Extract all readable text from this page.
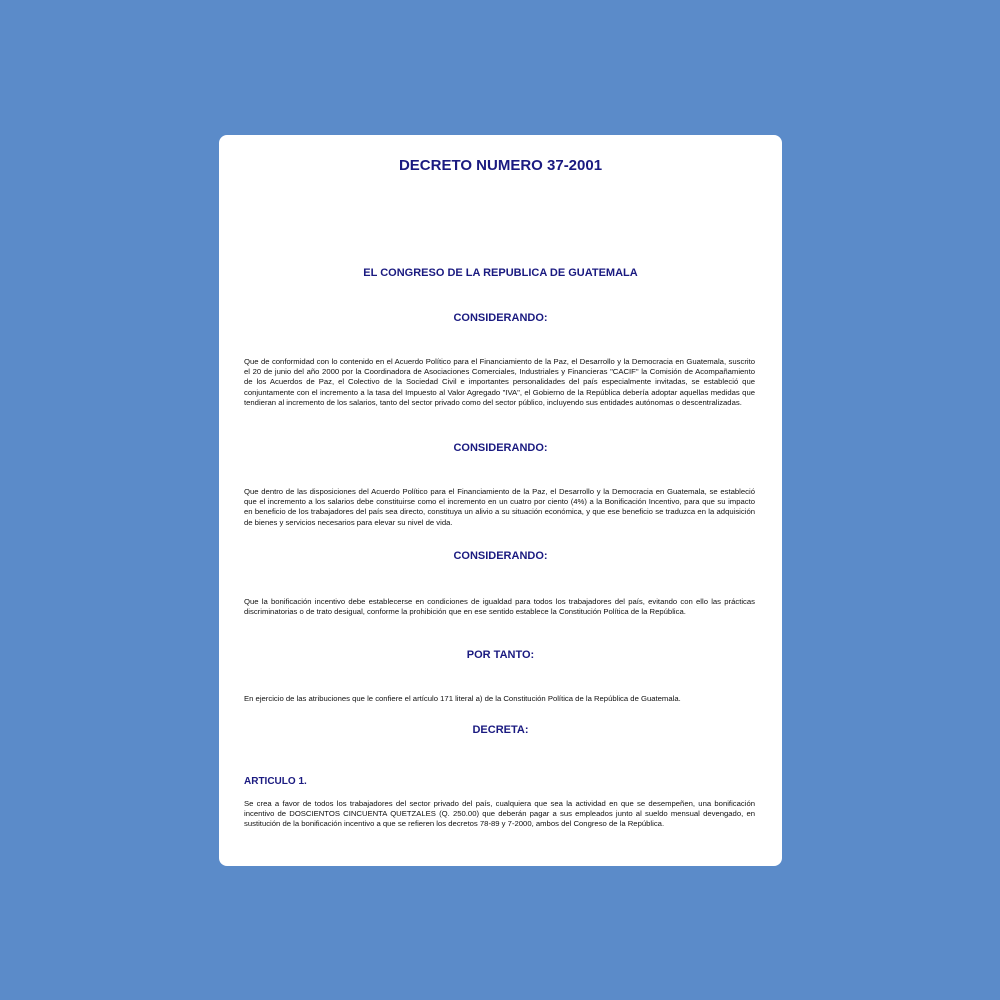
DECRETO NUMERO 37-2001
EL CONGRESO DE LA REPUBLICA DE GUATEMALA
CONSIDERANDO:
Que de conformidad con lo contenido en el Acuerdo Político para el Financiamiento de la Paz, el Desarrollo y la Democracia en Guatemala, suscrito el 20 de junio del año 2000 por la Coordinadora de Asociaciones Comerciales, Industriales y Financieras "CACIF" la Comisión de Acompañamiento de los Acuerdos de Paz, el Colectivo de la Sociedad Civil e importantes personalidades del país especialmente invitadas, se estableció que conjuntamente con el incremento a la tasa del Impuesto al Valor Agregado "IVA", el Gobierno de la República debería adoptar aquellas medidas que tendieran al incremento de los salarios, tanto del sector privado como del sector público, incluyendo sus entidades autónomas o descentralizadas.
CONSIDERANDO:
Que dentro de las disposiciones del Acuerdo Político para el Financiamiento de la Paz, el Desarrollo y la Democracia en Guatemala, se estableció que el incremento a los salarios debe constituirse como el incremento en un cuatro por ciento (4%) a la Bonificación Incentivo, para que su impacto en beneficio de los trabajadores del país sea directo, constituya un alivio a su situación económica, y que ese beneficio se traduzca en la adquisición de bienes y servicios necesarios para elevar su nivel de vida.
CONSIDERANDO:
Que la bonificación incentivo debe establecerse en condiciones de igualdad para todos los trabajadores del país, evitando con ello las prácticas discriminatorias o de trato desigual, conforme la prohibición que en ese sentido establece la Constitución Política de la República.
POR TANTO:
En ejercicio de las atribuciones que le confiere el artículo 171 literal a) de la Constitución Política de la República de Guatemala.
DECRETA:
ARTICULO 1.
Se crea a favor de todos los trabajadores del sector privado del país, cualquiera que sea la actividad en que se desempeñen, una bonificación incentivo de DOSCIENTOS CINCUENTA QUETZALES (Q. 250.00) que deberán pagar a sus empleados junto al sueldo mensual devengado, en sustitución de la bonificación incentivo a que se refieren los decretos 78-89 y 7-2000, ambos del Congreso de la República.
